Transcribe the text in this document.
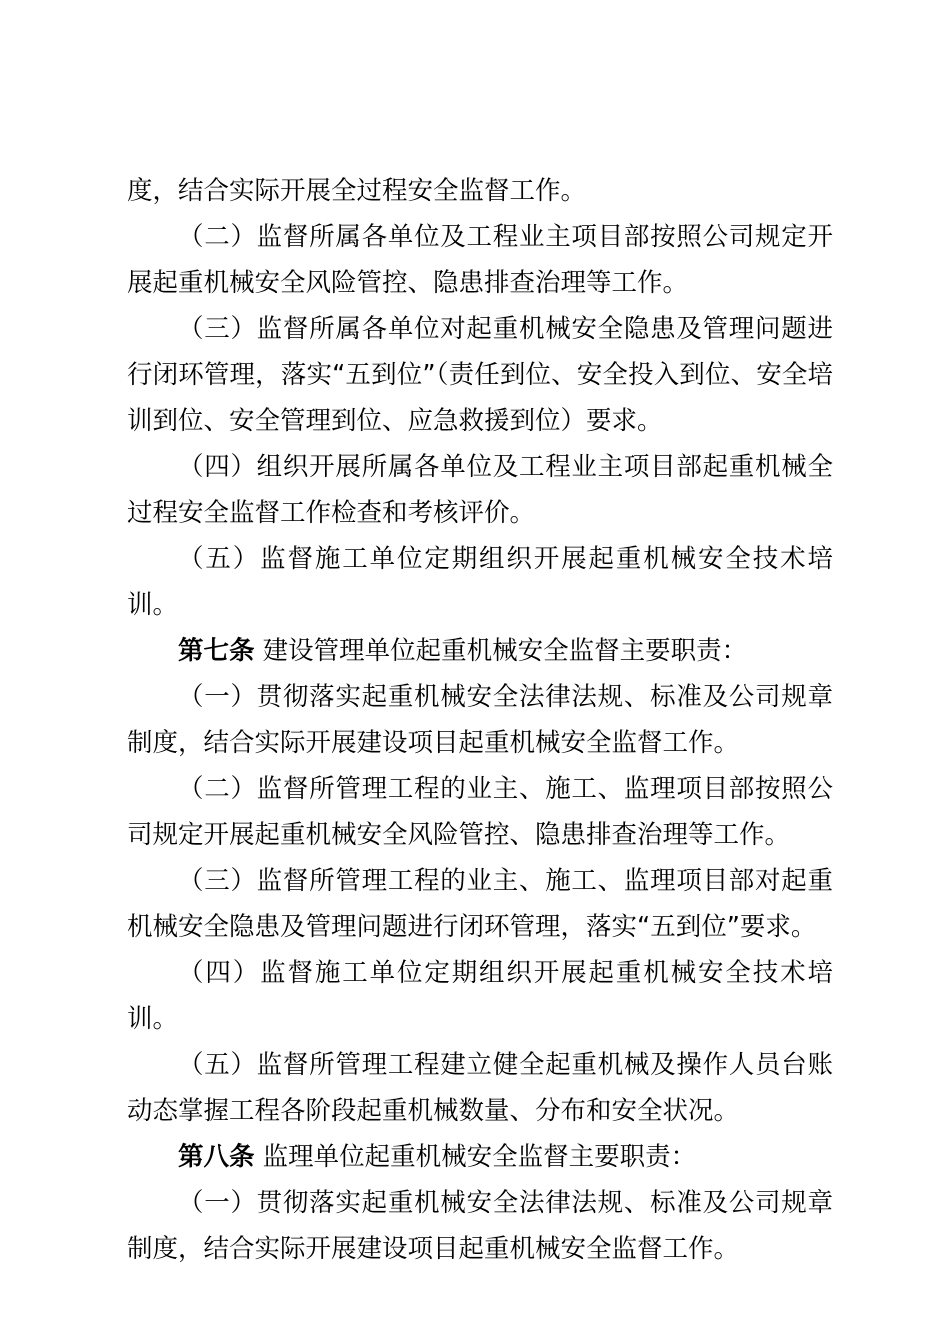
度，结合实际开展全过程安全监督工作。

（二）监督所属各单位及工程业主项目部按照公司规定开展起重机械安全风险管控、隐患排查治理等工作。

（三）监督所属各单位对起重机械安全隐患及管理问题进行闭环管理，落实“五到位”（责任到位、安全投入到位、安全培训到位、安全管理到位、应急救援到位）要求。

（四）组织开展所属各单位及工程业主项目部起重机械全过程安全监督工作检查和考核评价。

（五）监督施工单位定期组织开展起重机械安全技术培训。

第七条 建设管理单位起重机械安全监督主要职责：

（一）贯彻落实起重机械安全法律法规、标准及公司规章制度，结合实际开展建设项目起重机械安全监督工作。

（二）监督所管理工程的业主、施工、监理项目部按照公司规定开展起重机械安全风险管控、隐患排查治理等工作。

（三）监督所管理工程的业主、施工、监理项目部对起重机械安全隐患及管理问题进行闭环管理，落实“五到位”要求。

（四）监督施工单位定期组织开展起重机械安全技术培训。

（五）监督所管理工程建立健全起重机械及操作人员台账动态掌握工程各阶段起重机械数量、分布和安全状况。

第八条 监理单位起重机械安全监督主要职责：

（一）贯彻落实起重机械安全法律法规、标准及公司规章制度，结合实际开展建设项目起重机械安全监督工作。
